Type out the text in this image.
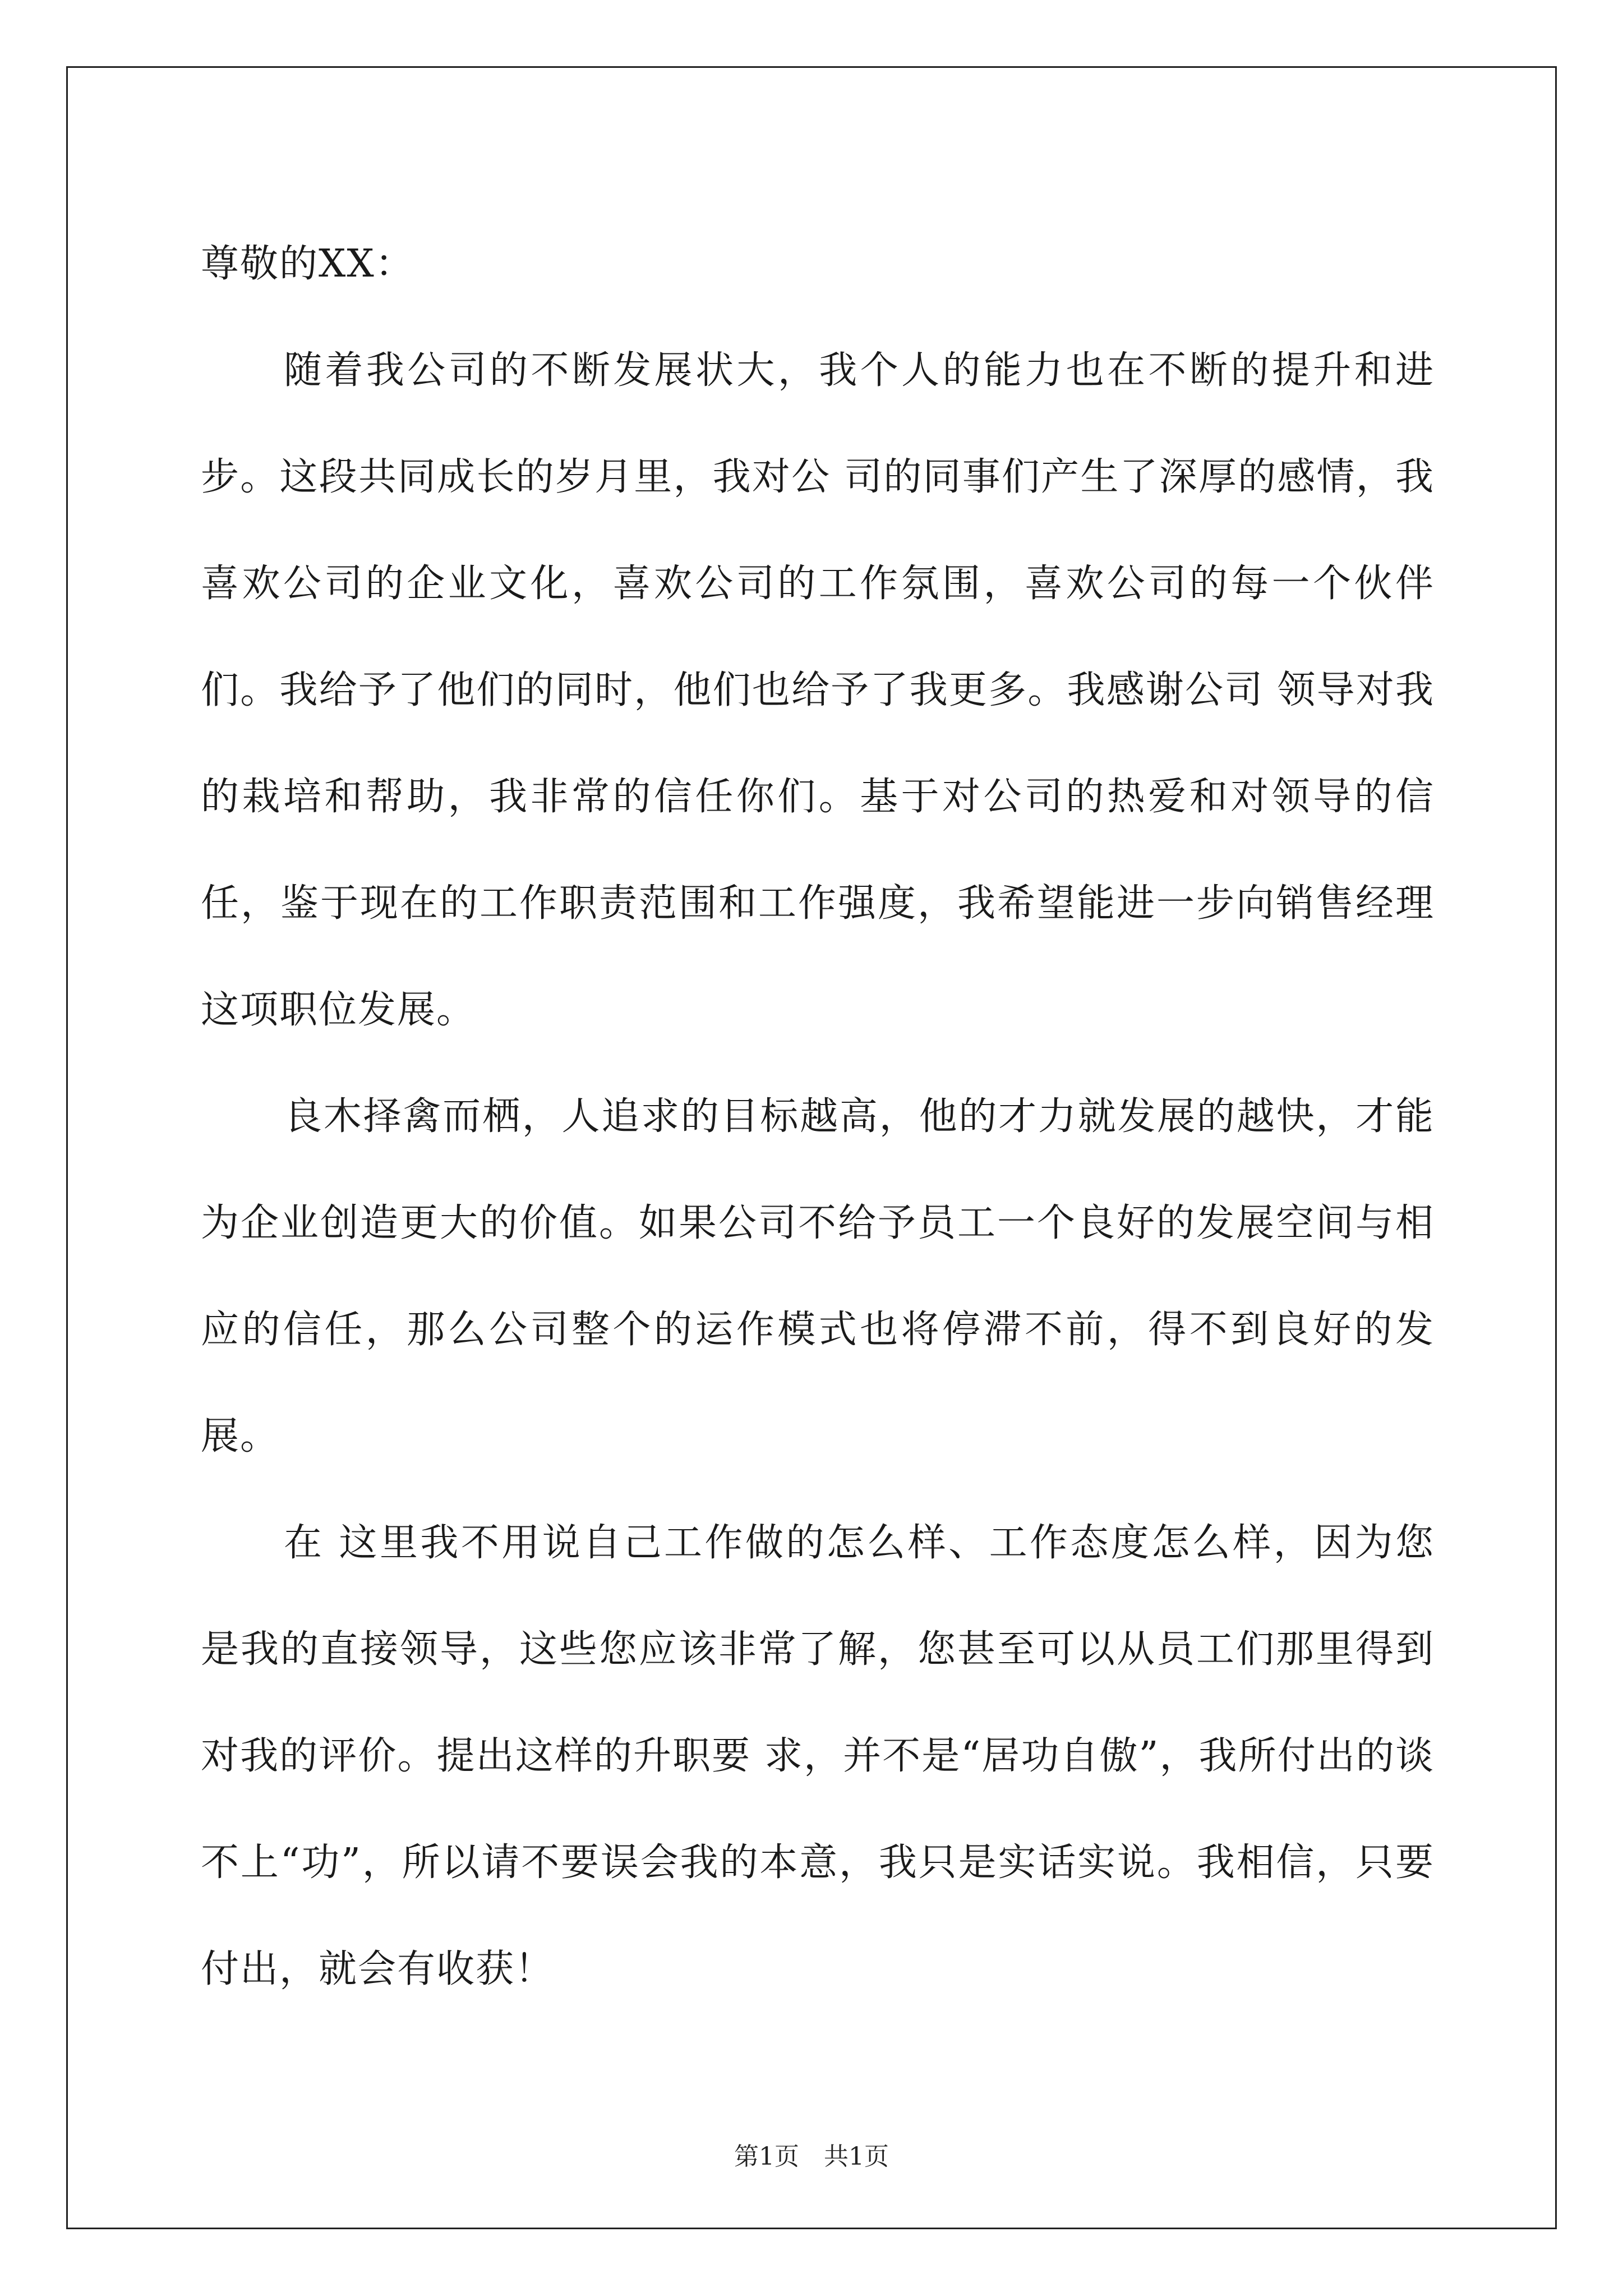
尊敬的XX：

随着我公司的不断发展状大，我个人的能力也在不断的提升和进步。这段共同成长的岁月里，我对公 司的同事们产生了深厚的感情，我喜欢公司的企业文化，喜欢公司的工作氛围，喜欢公司的每一个伙伴们。我给予了他们的同时，他们也给予了我更多。我感谢公司 领导对我的栽培和帮助，我非常的信任你们。基于对公司的热爱和对领导的信任，鉴于现在的工作职责范围和工作强度，我希望能进一步向销售经理这项职位发展。

良木择禽而栖，人追求的目标越高，他的才力就发展的越快，才能为企业创造更大的价值。如果公司不给予员工一个良好的发展空间与相应的信任，那么公司整个的运作模式也将停滞不前，得不到良好的发展。

在 这里我不用说自己工作做的怎么样、工作态度怎么样，因为您是我的直接领导，这些您应该非常了解，您甚至可以从员工们那里得到对我的评价。提出这样的升职要 求，并不是“居功自傲”，我所付出的谈不上“功”，所以请不要误会我的本意，我只是实话实说。我相信，只要付出，就会有收获！

第1页　共1页
